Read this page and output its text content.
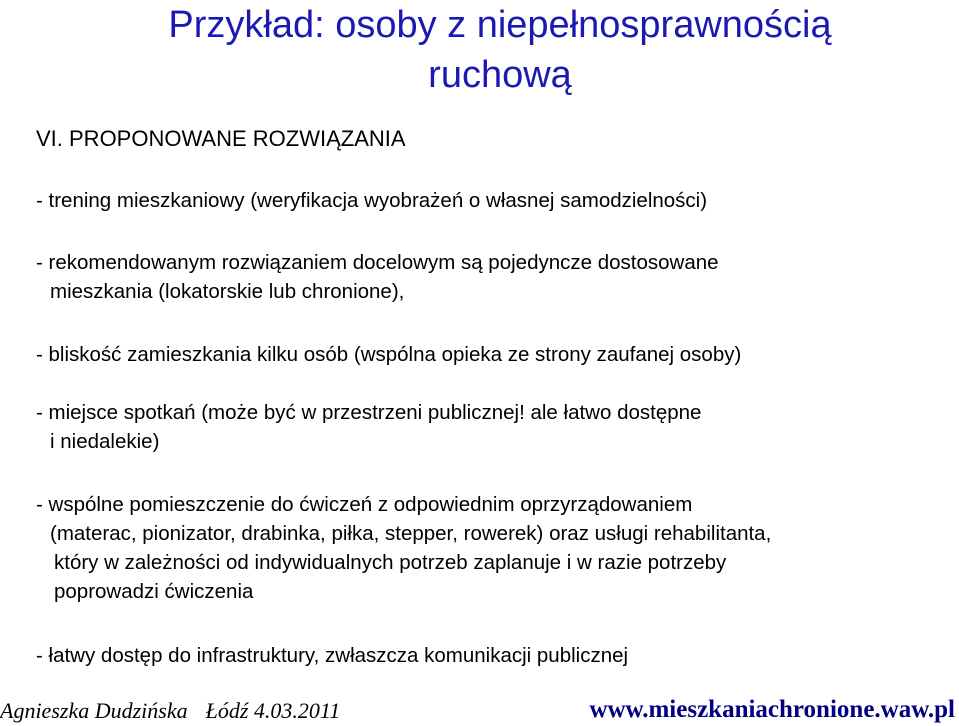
Przykład: osoby z niepełnosprawnością
ruchową
VI. PROPONOWANE ROZWIĄZANIA

- trening mieszkaniowy (weryfikacja wyobrażeń o własnej samodzielności)

- rekomendowanym rozwiązaniem docelowym są pojedyncze dostosowane
mieszkania (lokatorskie lub chronione),

- bliskość zamieszkania kilku osób (wspólna opieka ze strony zaufanej osoby)

- miejsce spotkań (może być w przestrzeni publicznej! ale łatwo dostępne
i niedalekie)

- wspólne pomieszczenie do ćwiczeń z odpowiednim oprzyrządowaniem
(materac, pionizator, drabinka, piłka, stepper, rowerek) oraz usługi rehabilitanta,
który w zależności od indywidualnych potrzeb zaplanuje i w razie potrzeby
poprowadzi ćwiczenia

- łatwy dostęp do infrastruktury, zwłaszcza komunikacji publicznej

Agnieszka Dudzińska Łódź 4.03.2011	www.mieszkaniachronione.waw.pl
